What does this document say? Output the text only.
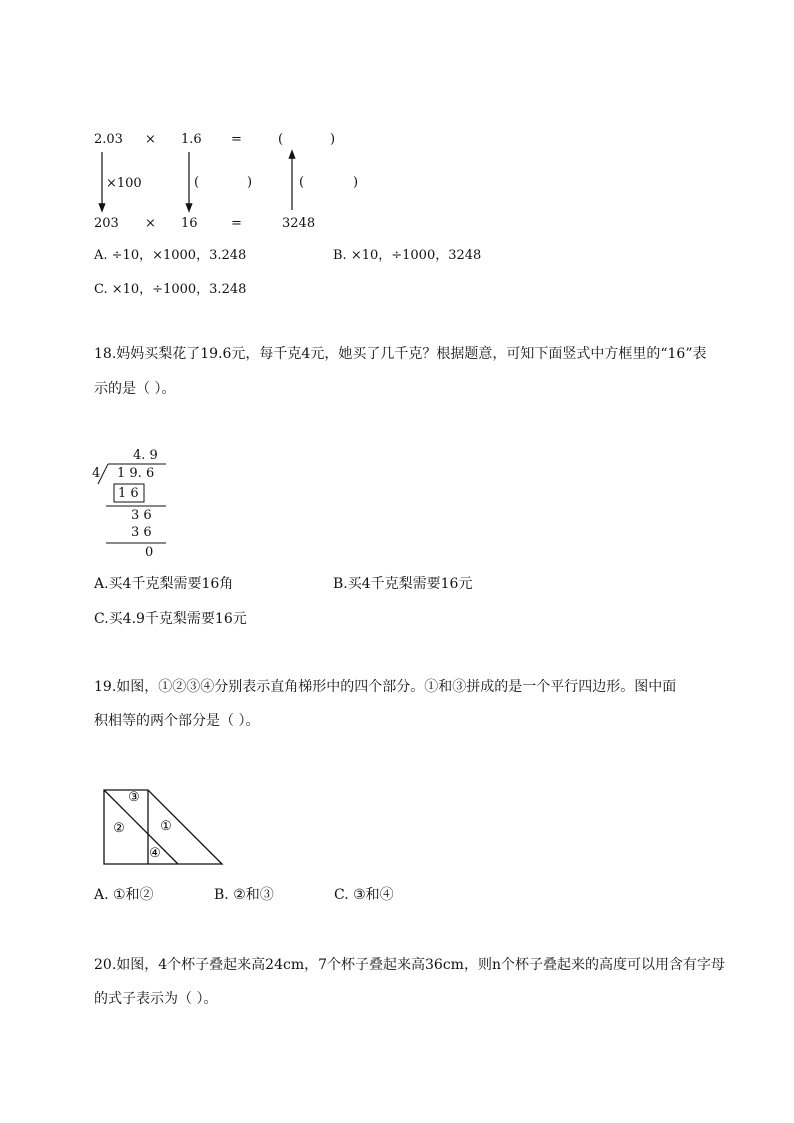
2.03 × 1.6 =	(	)
×100	(	)	(	)
203 × 16	=	3248
A. ÷10，×1000，3.248	B. ×10，÷1000，3248
C. ×10，÷1000，3.248
18.妈妈买梨花了19.6元，每千克4元，她买了几千克？根据题意，可知下面竖式中方框里的“16”表
示的是（ ）。
4. 9
4 1 9. 6
1 6
3 6
3 6
0
A.买4千克梨需要16角	B.买4千克梨需要16元
C.买4.9千克梨需要16元
19.如图，①②③④分别表示直角梯形中的四个部分。①和③拼成的是一个平行四边形。图中面
积相等的两个部分是（ ）。
③
②	①
④
A. ①和②	B. ②和③	C. ③和④
20.如图，4个杯子叠起来高24cm，7个杯子叠起来高36cm，则n个杯子叠起来的高度可以用含有字母
的式子表示为（ ）。
